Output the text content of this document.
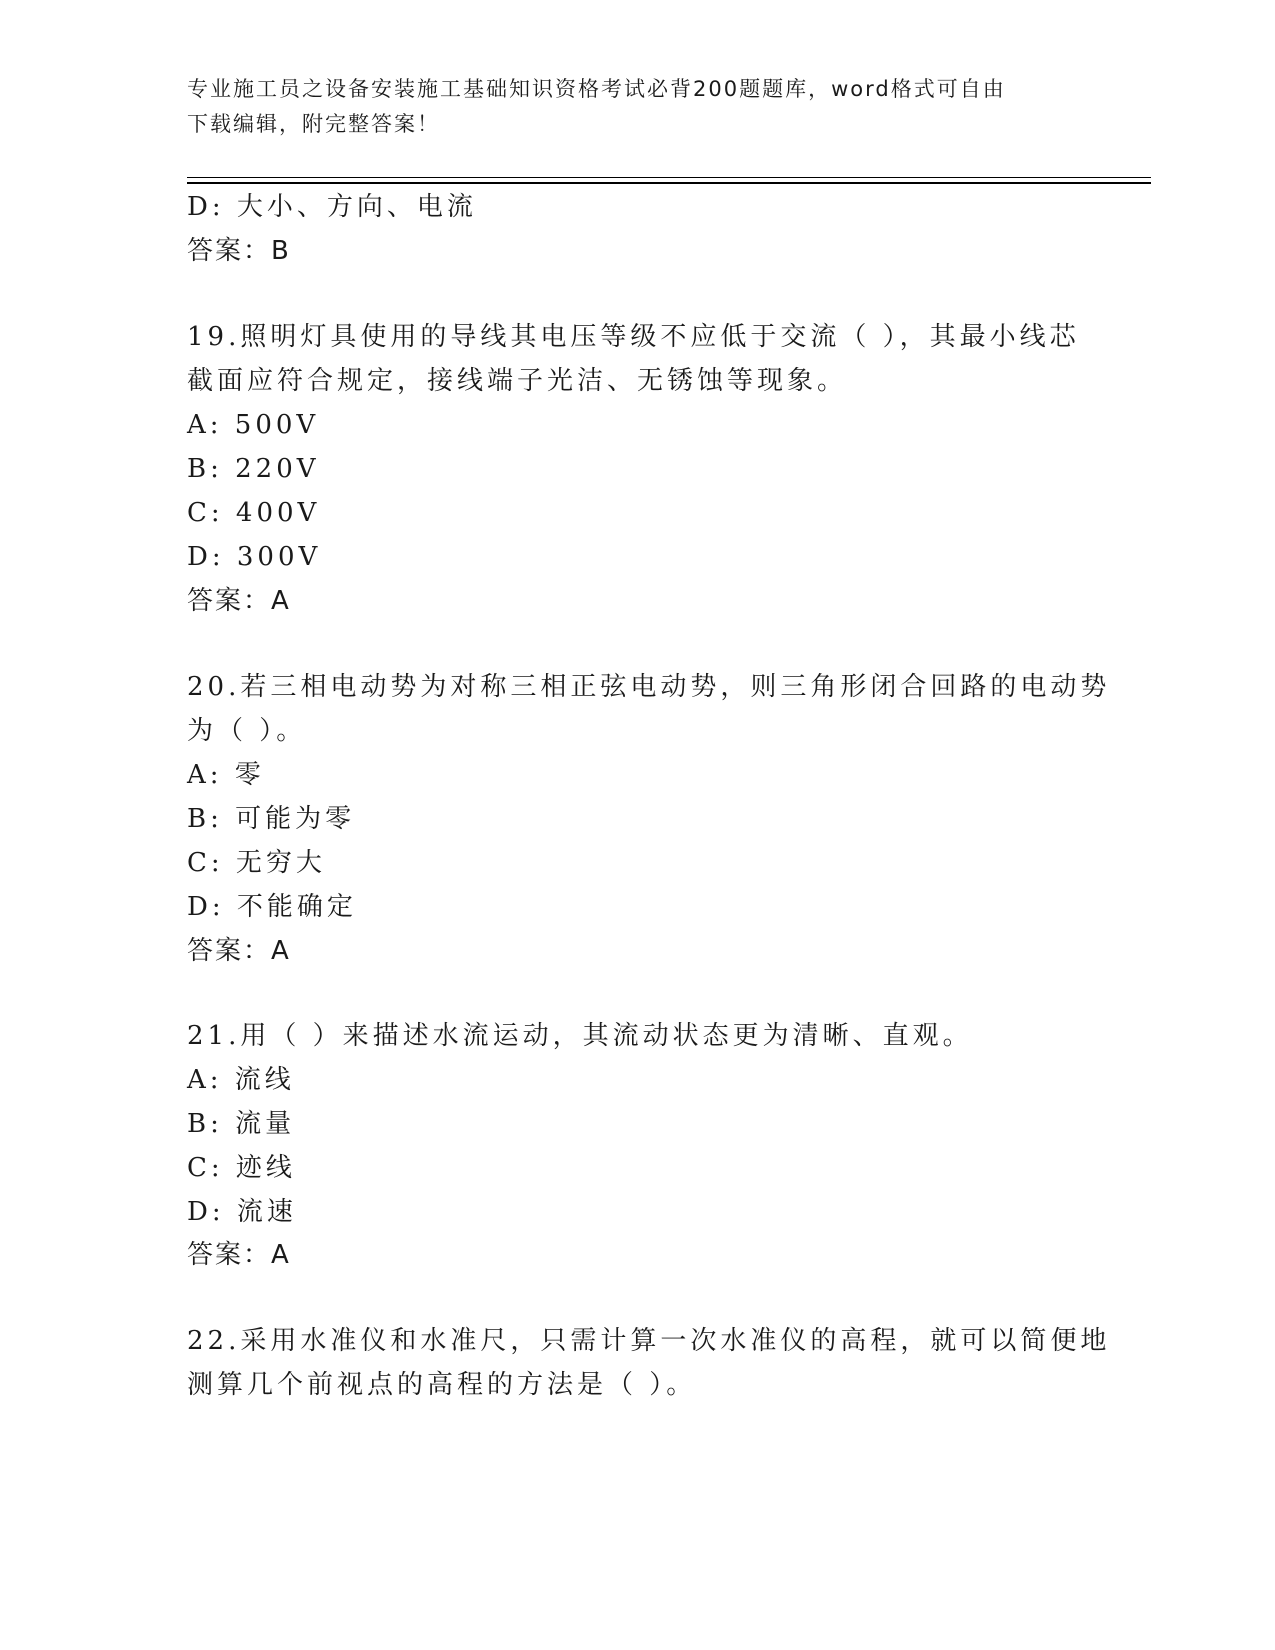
专业施工员之设备安装施工基础知识资格考试必背200题题库，word格式可自由
下载编辑，附完整答案！
D: 大小、方向、电流
答案：B
19.照明灯具使用的导线其电压等级不应低于交流（ ），其最小线芯
截面应符合规定，接线端子光洁、无锈蚀等现象。
A: 500V
B: 220V
C: 400V
D: 300V
答案：A
20.若三相电动势为对称三相正弦电动势，则三角形闭合回路的电动势
为（ ）。
A: 零
B: 可能为零
C: 无穷大
D: 不能确定
答案：A
21.用（ ）来描述水流运动，其流动状态更为清晰、直观。
A: 流线
B: 流量
C: 迹线
D: 流速
答案：A
22.采用水准仪和水准尺，只需计算一次水准仪的高程，就可以简便地
测算几个前视点的高程的方法是（ ）。
